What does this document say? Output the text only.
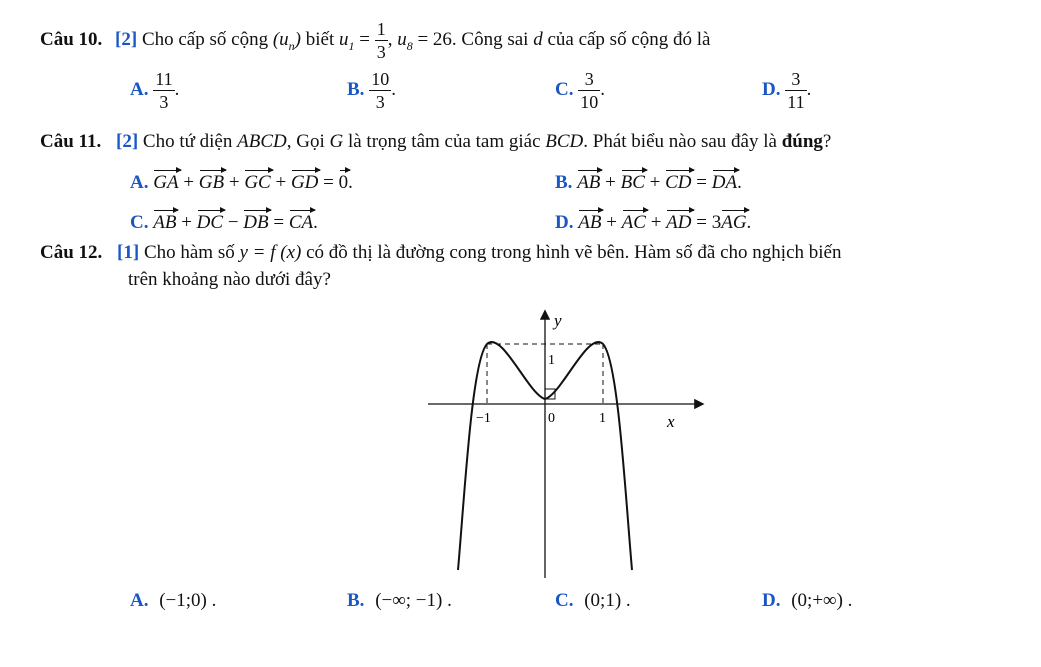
Câu 10. [2] Cho cấp số cộng $(u_n)$ biết $u_1 = \frac{1}{3}$ , $u_8 = 26$. Công sai d của cấp số cộng đó là
A. $\frac{11}{3}$ .	B. $\frac{10}{3}$ .	C. $\frac{3}{10}$ .	D. $\frac{3}{11}$ .
Câu 11. [2] Cho tứ diện ABCD, Gọi G là trọng tâm của tam giác BCD. Phát biểu nào sau đây là đúng?
A. GA + GB + GC + GD = 0.	B. AB + BC + CD = DA.
C. AB + DC − DB = CA.	D. AB + AC + AD = 3AG.
Câu 12. [1] Cho hàm số y = f (x) có đồ thị là đường cong trong hình vẽ bên. Hàm số đã cho nghịch biến
trên khoảng nào dưới đây?
y
1
−1	0	1	x
A. (−1;0) .	B. (−∞; −1) .	C. (0;1) .	D. (0;+∞) .
